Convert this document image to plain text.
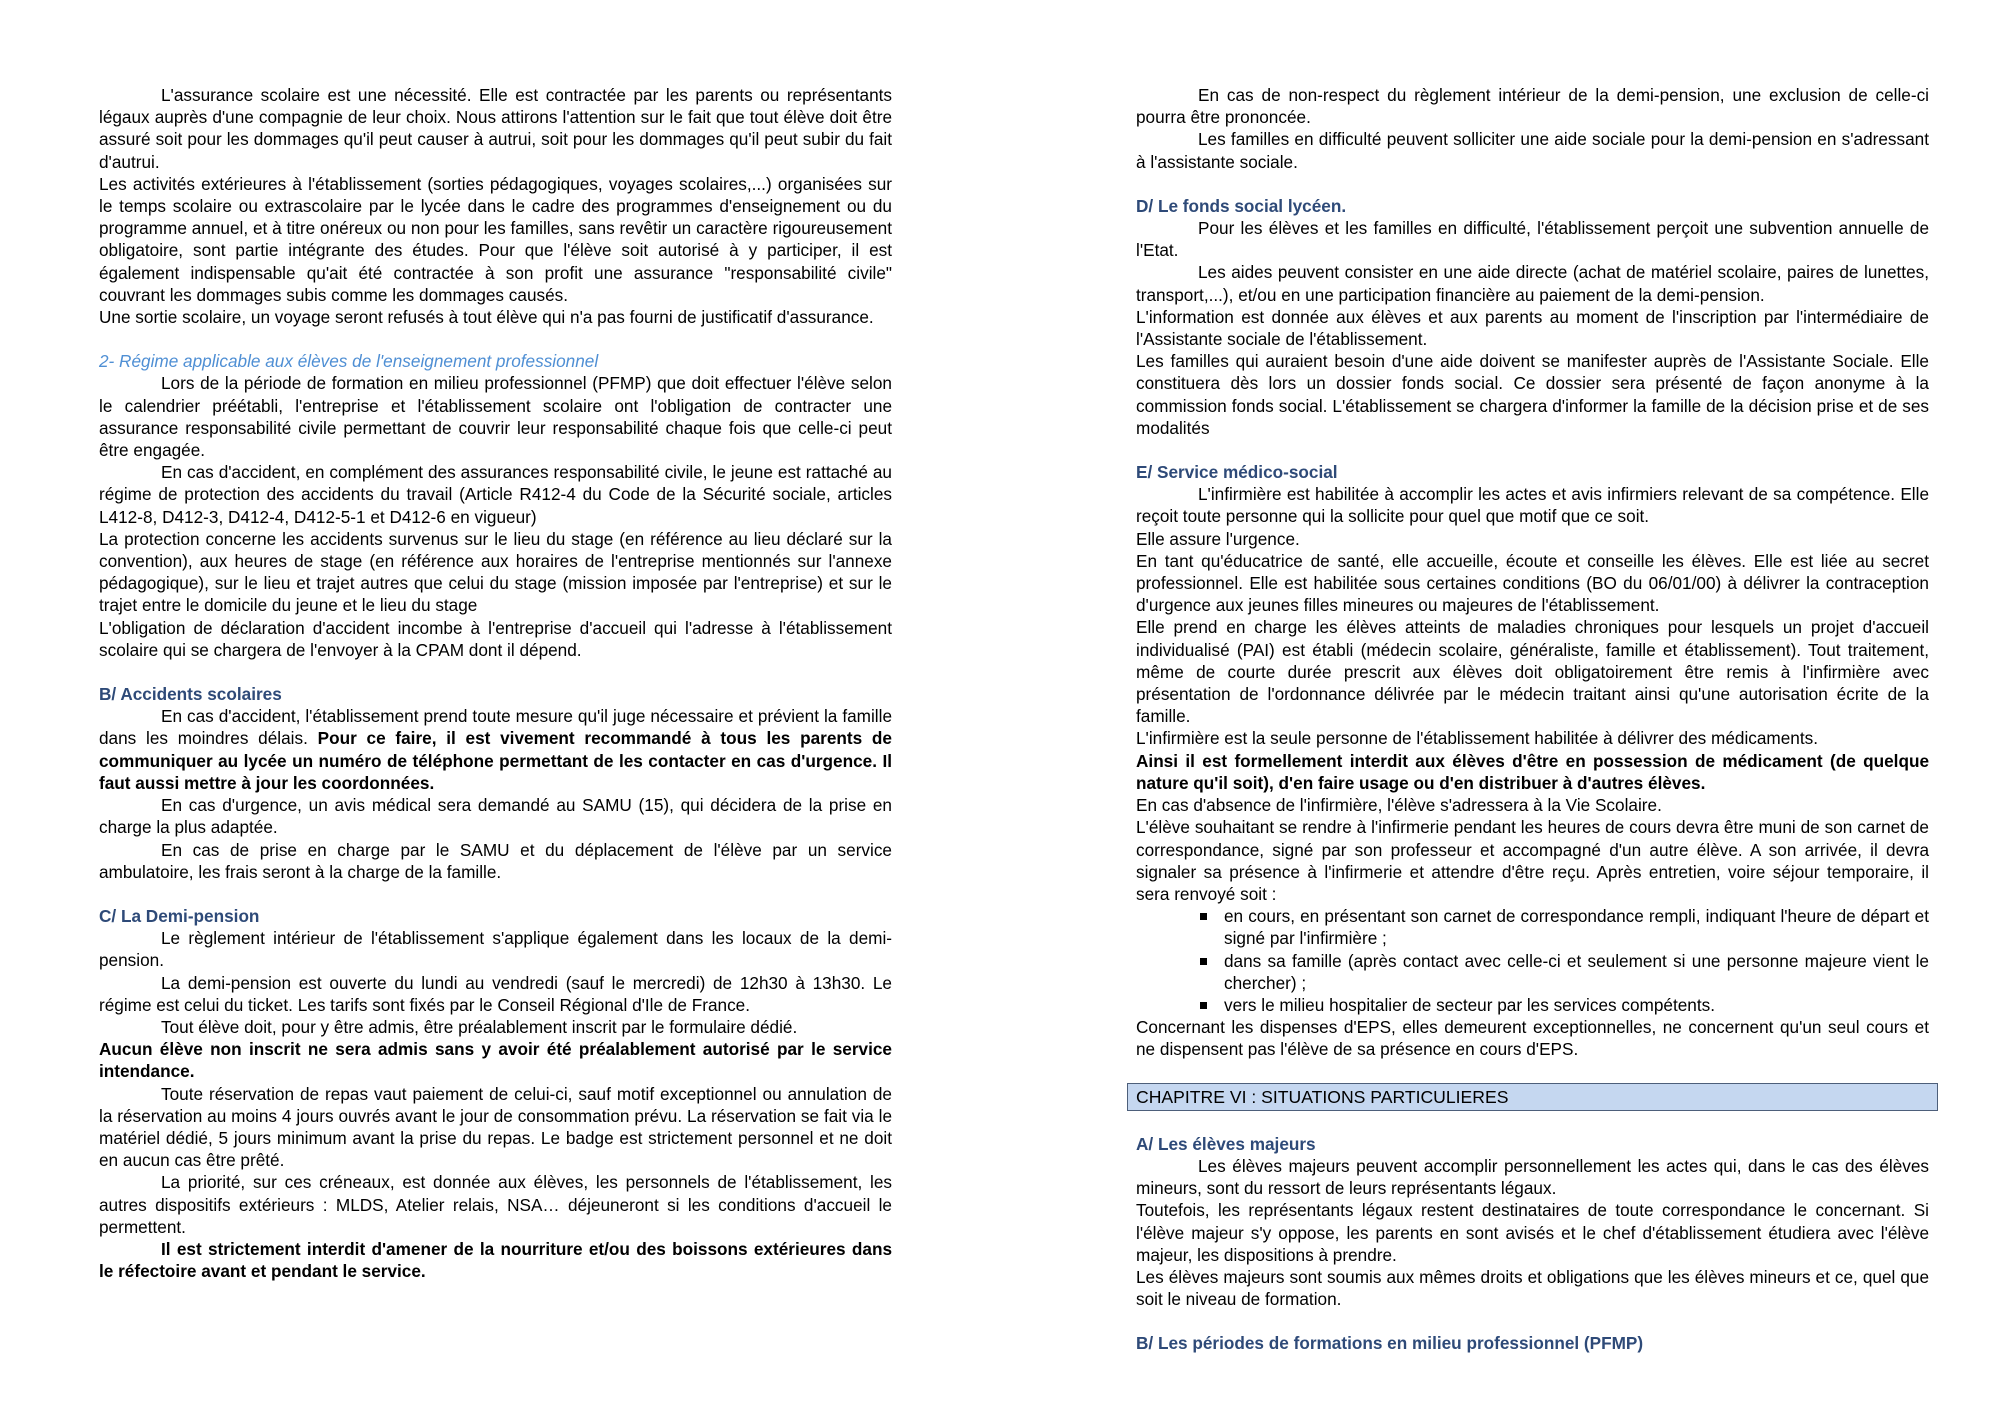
L'assurance scolaire est une nécessité. Elle est contractée par les parents ou représentants légaux auprès d'une compagnie de leur choix. Nous attirons l'attention sur le fait que tout élève doit être assuré soit pour les dommages qu'il peut causer à autrui, soit pour les dommages qu'il peut subir du fait d'autrui.

Les activités extérieures à l'établissement (sorties pédagogiques, voyages scolaires,...) organisées sur le temps scolaire ou extrascolaire par le lycée dans le cadre des programmes d'enseignement ou du programme annuel, et à titre onéreux ou non pour les familles, sans revêtir un caractère rigoureusement obligatoire, sont partie intégrante des études. Pour que l'élève soit autorisé à y participer, il est également indispensable qu'ait été contractée à son profit une assurance "responsabilité civile" couvrant les dommages subis comme les dommages causés.

Une sortie scolaire, un voyage seront refusés à tout élève qui n'a pas fourni de justificatif d'assurance.

2- Régime applicable aux élèves de l'enseignement professionnel

Lors de la période de formation en milieu professionnel (PFMP) que doit effectuer l'élève selon le calendrier préétabli, l'entreprise et l'établissement scolaire ont l'obligation de contracter une assurance responsabilité civile permettant de couvrir leur responsabilité chaque fois que celle-ci peut être engagée.

En cas d'accident, en complément des assurances responsabilité civile, le jeune est rattaché au régime de protection des accidents du travail (Article R412-4 du Code de la Sécurité sociale, articles L412-8, D412-3, D412-4, D412-5-1 et D412-6 en vigueur)

La protection concerne les accidents survenus sur le lieu du stage (en référence au lieu déclaré sur la convention), aux heures de stage (en référence aux horaires de l'entreprise mentionnés sur l'annexe pédagogique), sur le lieu et trajet autres que celui du stage (mission imposée par l'entreprise) et sur le trajet entre le domicile du jeune et le lieu du stage

L'obligation de déclaration d'accident incombe à l'entreprise d'accueil qui l'adresse à l'établissement scolaire qui se chargera de l'envoyer à la CPAM dont il dépend.

B/ Accidents scolaires

En cas d'accident, l'établissement prend toute mesure qu'il juge nécessaire et prévient la famille dans les moindres délais. Pour ce faire, il est vivement recommandé à tous les parents de communiquer au lycée un numéro de téléphone permettant de les contacter en cas d'urgence. Il faut aussi mettre à jour les coordonnées.

En cas d'urgence, un avis médical sera demandé au SAMU (15), qui décidera de la prise en charge la plus adaptée.

En cas de prise en charge par le SAMU et du déplacement de l'élève par un service ambulatoire, les frais seront à la charge de la famille.

C/ La Demi-pension

Le règlement intérieur de l'établissement s'applique également dans les locaux de la demi-pension.

La demi-pension est ouverte du lundi au vendredi (sauf le mercredi) de 12h30 à 13h30. Le régime est celui du ticket. Les tarifs sont fixés par le Conseil Régional d'Ile de France.

Tout élève doit, pour y être admis, être préalablement inscrit par le formulaire dédié.

Aucun élève non inscrit ne sera admis sans y avoir été préalablement autorisé par le service intendance.

Toute réservation de repas vaut paiement de celui-ci, sauf motif exceptionnel ou annulation de la réservation au moins 4 jours ouvrés avant le jour de consommation prévu. La réservation se fait via le matériel dédié, 5 jours minimum avant la prise du repas. Le badge est strictement personnel et ne doit en aucun cas être prêté.

La priorité, sur ces créneaux, est donnée aux élèves, les personnels de l'établissement, les autres dispositifs extérieurs : MLDS, Atelier relais, NSA… déjeuneront si les conditions d'accueil le permettent.

Il est strictement interdit d'amener de la nourriture et/ou des boissons extérieures dans le réfectoire avant et pendant le service.

En cas de non-respect du règlement intérieur de la demi-pension, une exclusion de celle-ci pourra être prononcée.

Les familles en difficulté peuvent solliciter une aide sociale pour la demi-pension en s'adressant à l'assistante sociale.

D/ Le fonds social lycéen.

Pour les élèves et les familles en difficulté, l'établissement perçoit une subvention annuelle de l'Etat.

Les aides peuvent consister en une aide directe (achat de matériel scolaire, paires de lunettes, transport,...), et/ou en une participation financière au paiement de la demi-pension.

L'information est donnée aux élèves et aux parents au moment de l'inscription par l'intermédiaire de l'Assistante sociale de l'établissement.

Les familles qui auraient besoin d'une aide doivent se manifester auprès de l'Assistante Sociale. Elle constituera dès lors un dossier fonds social. Ce dossier sera présenté de façon anonyme à la commission fonds social. L'établissement se chargera d'informer la famille de la décision prise et de ses modalités

E/ Service médico-social

L'infirmière est habilitée à accomplir les actes et avis infirmiers relevant de sa compétence. Elle reçoit toute personne qui la sollicite pour quel que motif que ce soit.

Elle assure l'urgence.

En tant qu'éducatrice de santé, elle accueille, écoute et conseille les élèves. Elle est liée au secret professionnel. Elle est habilitée sous certaines conditions (BO du 06/01/00) à délivrer la contraception d'urgence aux jeunes filles mineures ou majeures de l'établissement.

Elle prend en charge les élèves atteints de maladies chroniques pour lesquels un projet d'accueil individualisé (PAI) est établi (médecin scolaire, généraliste, famille et établissement). Tout traitement, même de courte durée prescrit aux élèves doit obligatoirement être remis à l'infirmière avec présentation de l'ordonnance délivrée par le médecin traitant ainsi qu'une autorisation écrite de la famille.

L'infirmière est la seule personne de l'établissement habilitée à délivrer des médicaments.

Ainsi il est formellement interdit aux élèves d'être en possession de médicament (de quelque nature qu'il soit), d'en faire usage ou d'en distribuer à d'autres élèves.

En cas d'absence de l'infirmière, l'élève s'adressera à la Vie Scolaire.

L'élève souhaitant se rendre à l'infirmerie pendant les heures de cours devra être muni de son carnet de correspondance, signé par son professeur et accompagné d'un autre élève. A son arrivée, il devra signaler sa présence à l'infirmerie et attendre d'être reçu. Après entretien, voire séjour temporaire, il sera renvoyé soit :

en cours, en présentant son carnet de correspondance rempli, indiquant l'heure de départ et signé par l'infirmière ;
dans sa famille (après contact avec celle-ci et seulement si une personne majeure vient le chercher) ;
vers le milieu hospitalier de secteur par les services compétents.

Concernant les dispenses d'EPS, elles demeurent exceptionnelles, ne concernent qu'un seul cours et ne dispensent pas l'élève de sa présence en cours d'EPS.

CHAPITRE VI : SITUATIONS PARTICULIERES
A/ Les élèves majeurs

Les élèves majeurs peuvent accomplir personnellement les actes qui, dans le cas des élèves mineurs, sont du ressort de leurs représentants légaux.

Toutefois, les représentants légaux restent destinataires de toute correspondance le concernant. Si l'élève majeur s'y oppose, les parents en sont avisés et le chef d'établissement étudiera avec l'élève majeur, les dispositions à prendre.

Les élèves majeurs sont soumis aux mêmes droits et obligations que les élèves mineurs et ce, quel que soit le niveau de formation.

B/ Les périodes de formations en milieu professionnel (PFMP)
